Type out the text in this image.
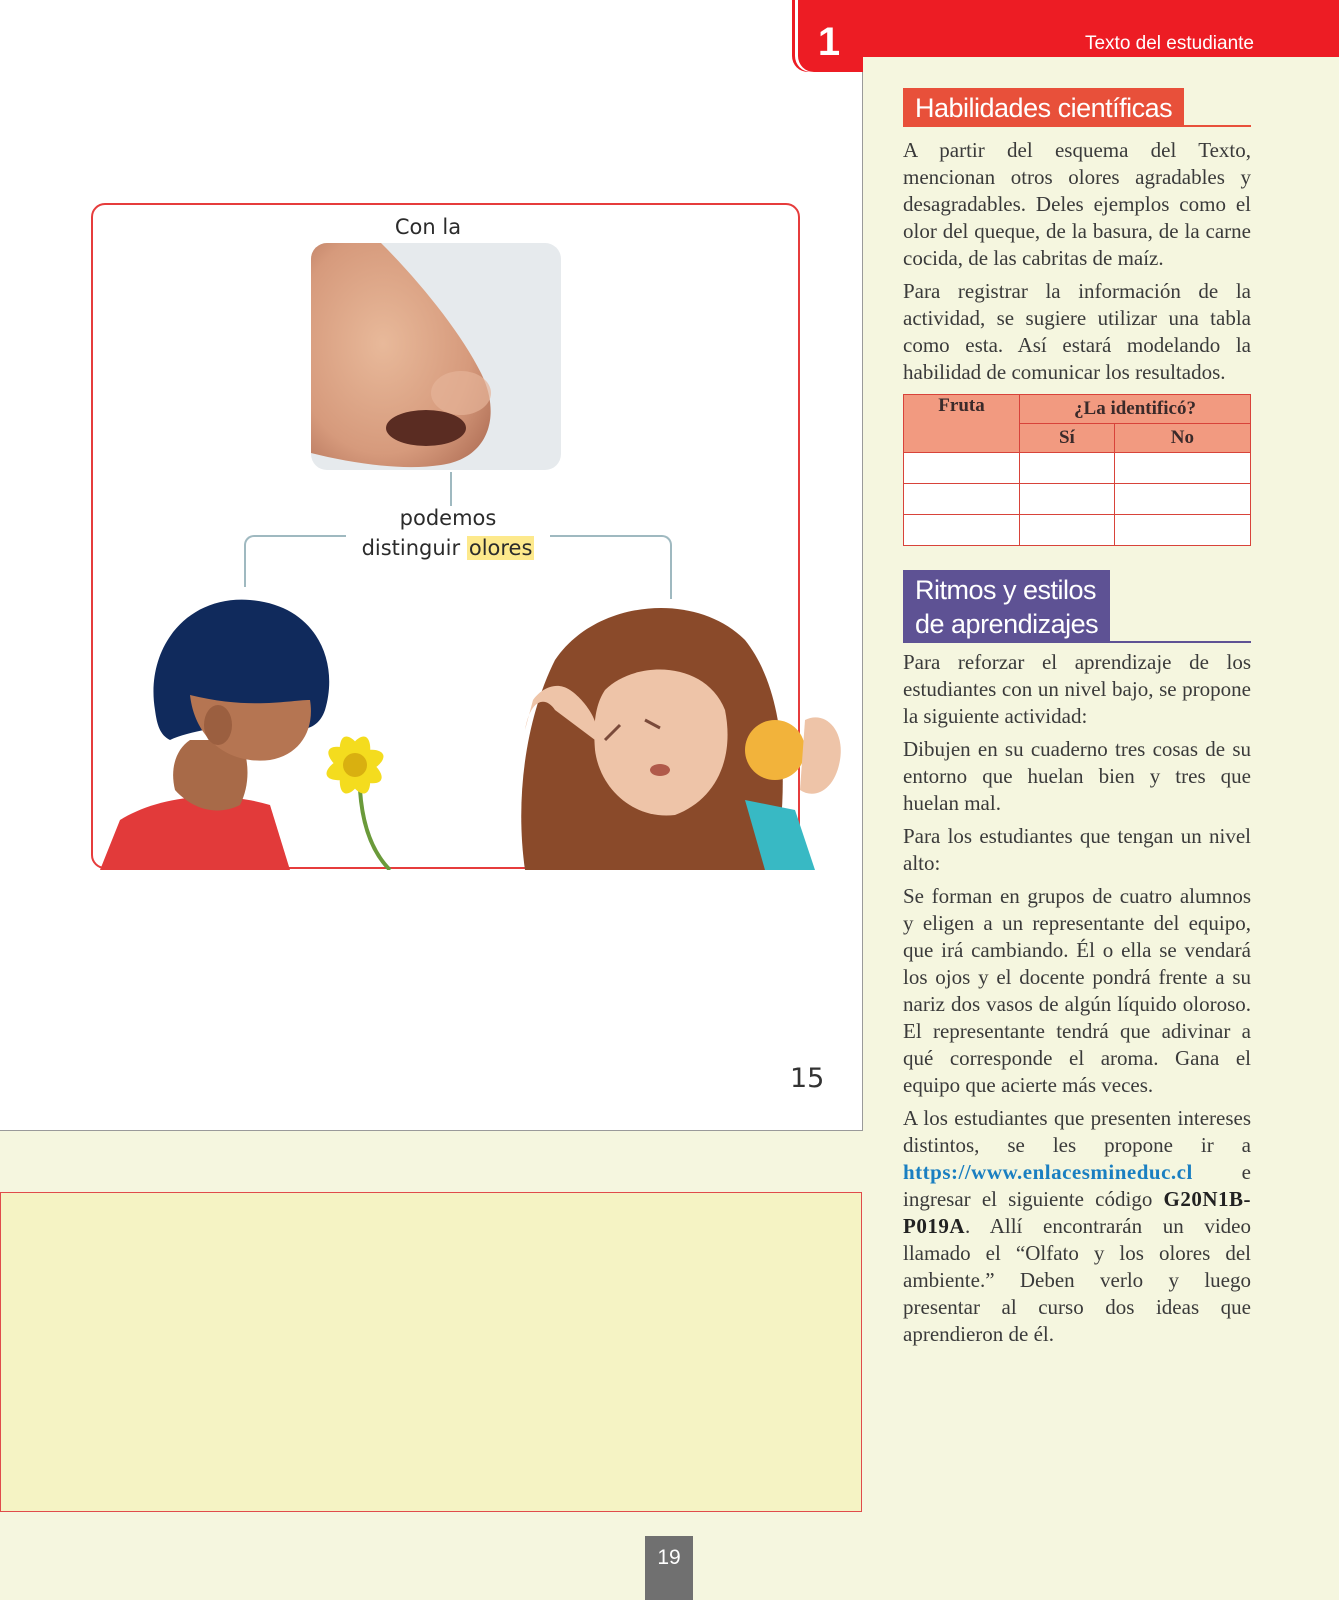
Con la
podemos
distinguir olores
15
1	Texto del estudiante
Habilidades científicas

A partir del esquema del Texto, mencionan otros olores agradables y desagradables. Deles ejemplos como el olor del queque, de la basura, de la carne cocida, de las cabritas de maíz.

Para registrar la información de la actividad, se sugiere utilizar una tabla como esta. Así estará modelando la habilidad de comunicar los resultados.

Fruta	¿La identificó?	
	Sí	No

Ritmos y estilos
de aprendizajes

Para reforzar el aprendizaje de los estudiantes con un nivel bajo, se propone la siguiente actividad:

Dibujen en su cuaderno tres cosas de su entorno que huelan bien y tres que huelan mal.

Para los estudiantes que tengan un nivel alto:

Se forman en grupos de cuatro alumnos y eligen a un representante del equipo, que irá cambiando. Él o ella se vendará los ojos y el docente pondrá frente a su nariz dos vasos de algún líquido oloroso. El representante tendrá que adivinar a qué corresponde el aroma. Gana el equipo que acierte más veces.

A los estudiantes que presenten intereses distintos, se les propone ir a https://www.enlacesmineduc.cl e ingresar el siguiente código G20N1B-P019A. Allí encontrarán un video llamado el “Olfato y los olores del ambiente.” Deben verlo y luego presentar al curso dos ideas que aprendieron de él.

19
